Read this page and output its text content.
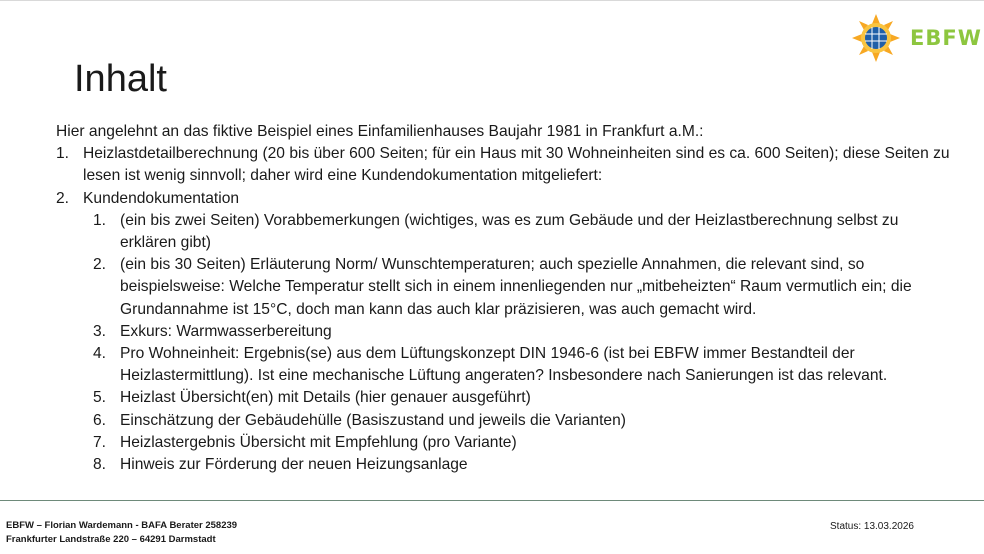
EBFW
Inhalt

Hier angelehnt an das fiktive Beispiel eines Einfamilienhauses Baujahr 1981 in Frankfurt a.M.:

1. Heizlastdetailberechnung (20 bis über 600 Seiten; für ein Haus mit 30 Wohneinheiten sind es ca. 600 Seiten); diese Seiten zu lesen ist wenig sinnvoll; daher wird eine Kundendokumentation mitgeliefert:
2. Kundendokumentation
1. (ein bis zwei Seiten) Vorabbemerkungen (wichtiges, was es zum Gebäude und der Heizlastberechnung selbst zu erklären gibt)
2. (ein bis 30 Seiten) Erläuterung Norm/ Wunschtemperaturen; auch spezielle Annahmen, die relevant sind, so beispielsweise: Welche Temperatur stellt sich in einem innenliegenden nur „mitbeheizten“ Raum vermutlich ein; die Grundannahme ist 15°C, doch man kann das auch klar präzisieren, was auch gemacht wird.
3. Exkurs: Warmwasserbereitung
4. Pro Wohneinheit: Ergebnis(se) aus dem Lüftungskonzept DIN 1946-6 (ist bei EBFW immer Bestandteil der Heizlastermittlung). Ist eine mechanische Lüftung angeraten? Insbesondere nach Sanierungen ist das relevant.
5. Heizlast Übersicht(en) mit Details (hier genauer ausgeführt)
6. Einschätzung der Gebäudehülle (Basiszustand und jeweils die Varianten)
7. Heizlastergebnis Übersicht mit Empfehlung (pro Variante)
8. Hinweis zur Förderung der neuen Heizungsanlage
EBFW – Florian Wardemann - BAFA Berater 258239
Frankfurter Landstraße 220 – 64291 Darmstadt
Status: 13.03.2026
